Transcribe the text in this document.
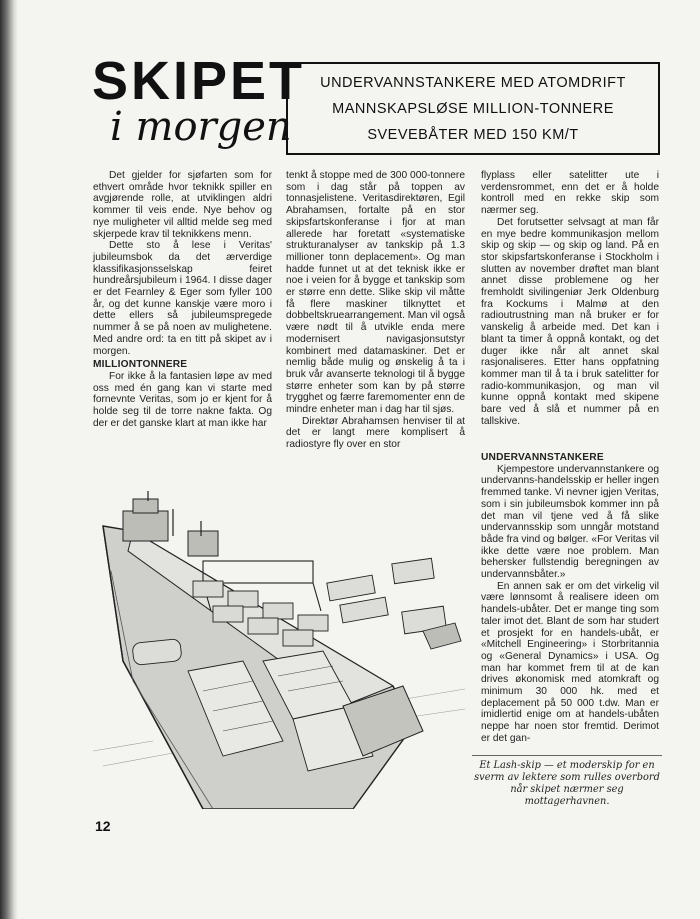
SKIPET
i morgen
UNDERVANNSTANKERE MED ATOMDRIFT
MANNSKAPSLØSE MILLION-TONNERE
SVEVEBÅTER MED 150 KM/T

Det gjelder for sjøfarten som for ethvert område hvor teknikk spiller en avgjørende rolle, at utviklingen aldri kommer til veis ende. Nye behov og nye muligheter vil alltid melde seg med skjerpede krav til teknikkens menn.

Dette sto å lese i Veritas' jubileumsbok da det ærverdige klassifikasjonsselskap feiret hundreårsjubileum i 1964. I disse dager er det Fearnley & Eger som fyller 100 år, og det kunne kanskje være moro i dette ellers så jubileumspregede nummer å se på noen av mulighetene. Med andre ord: ta en titt på skipet av i morgen.

MILLIONTONNERE

For ikke å la fantasien løpe av med oss med én gang kan vi starte med fornevnte Veritas, som jo er kjent for å holde seg til de torre nakne fakta. Og der er det ganske klart at man ikke har

tenkt å stoppe med de 300 000-tonnere som i dag står på toppen av tonnasjelistene. Veritasdirektøren, Egil Abrahamsen, fortalte på en stor skipsfartskonferanse i fjor at man allerede har foretatt «systematiske strukturanalyser av tankskip på 1.3 millioner tonn deplacement». Og man hadde funnet ut at det teknisk ikke er noe i veien for å bygge et tankskip som er større enn dette. Slike skip vil måtte få flere maskiner tilknyttet et dobbeltskruearrangement. Man vil også være nødt til å utvikle enda mere modernisert navigasjonsutstyr kombinert med datamaskiner. Det er nemlig både mulig og ønskelig å ta i bruk vår avanserte teknologi til å bygge større enheter som kan by på større trygghet og færre faremomenter enn de mindre enheter man i dag har til sjøs.

Direktør Abrahamsen henviser til at det er langt mere komplisert å radiostyre fly over en stor

flyplass eller satelitter ute i verdensrommet, enn det er å holde kontroll med en rekke skip som nærmer seg.

Det forutsetter selvsagt at man får en mye bedre kommunikasjon mellom skip og skip — og skip og land. På en stor skipsfartskonferanse i Stockholm i slutten av november drøftet man blant annet disse problemene og her fremholdt sivilingeniør Jerk Oldenburg fra Kockums i Malmø at den radioutrustning man nå bruker er for vanskelig å arbeide med. Det kan i blant ta timer å oppnå kontakt, og det duger ikke når alt annet skal rasjonaliseres. Etter hans oppfatning kommer man til å ta i bruk satelitter for radio-kommunikasjon, og man vil kunne oppnå kontakt med skipene bare ved å slå et nummer på en tallskive.

UNDERVANNSTANKERE

Kjempestore undervannstankere og undervanns-handelsskip er heller ingen fremmed tanke. Vi nevner igjen Veritas, som i sin jubileumsbok kommer inn på det man vil tjene ved å få slike undervannsskip som unngår motstand både fra vind og bølger. «For Veritas vil ikke dette være noe problem. Man behersker fullstendig beregningen av undervannsbåter.»

En annen sak er om det virkelig vil være lønnsomt å realisere ideen om handels-ubåter. Det er mange ting som taler imot det. Blant de som har studert et prosjekt for en handels-ubåt, er «Mitchell Engineering» i Storbritannia og «General Dynamics» i USA. Og man har kommet frem til at de kan drives økonomisk med atomkraft og minimum 30 000 hk. med et deplacement på 50 000 t.dw. Man er imidlertid enige om at handels-ubåten neppe har noen stor fremtid. Derimot er det gan-

Et Lash-skip — et moderskip for en sverm av lektere som rulles overbord når skipet nærmer seg mottagerhavnen.
12
